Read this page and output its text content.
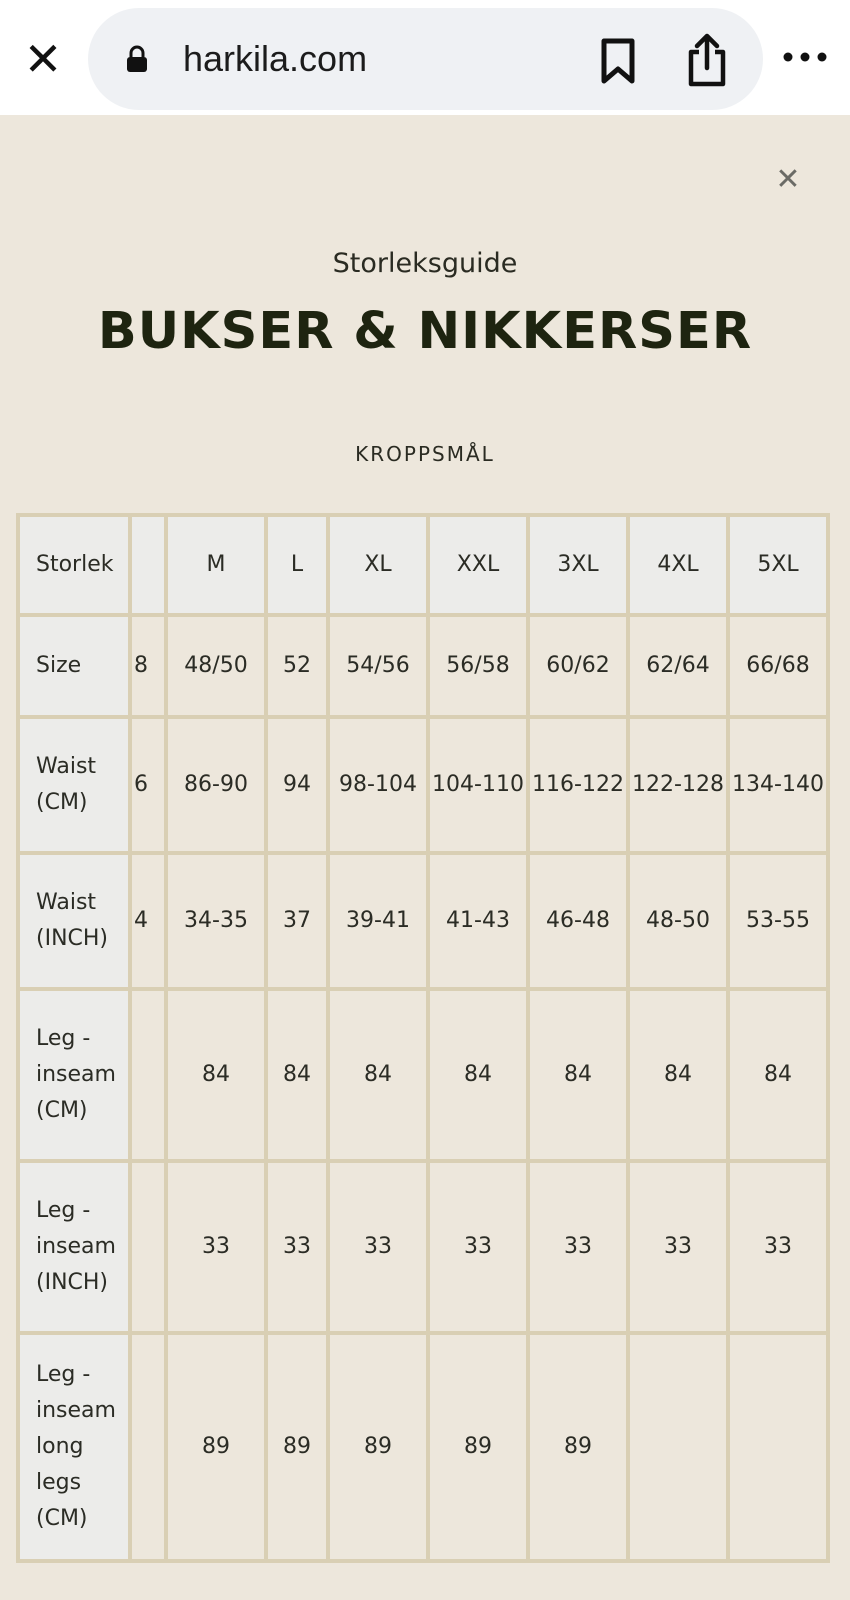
✕	harkila.com
✕
Storleksguide
BUKSER & NIKKERSER
KROPPSMÅL
Storlek		M	L	XL	XXL	3XL	4XL	5XL
Size	8	48/50	52	54/56	56/58	60/62	62/64	66/68
Waist (CM)	6	86-90	94	98-104	104-110	116-122	122-128	134-140
Waist (INCH)	4	34-35	37	39-41	41-43	46-48	48-50	53-55
Leg - inseam (CM)		84	84	84	84	84	84	84
Leg - inseam (INCH)		33	33	33	33	33	33	33
Leg - inseam long legs (CM)		89	89	89	89	89		
